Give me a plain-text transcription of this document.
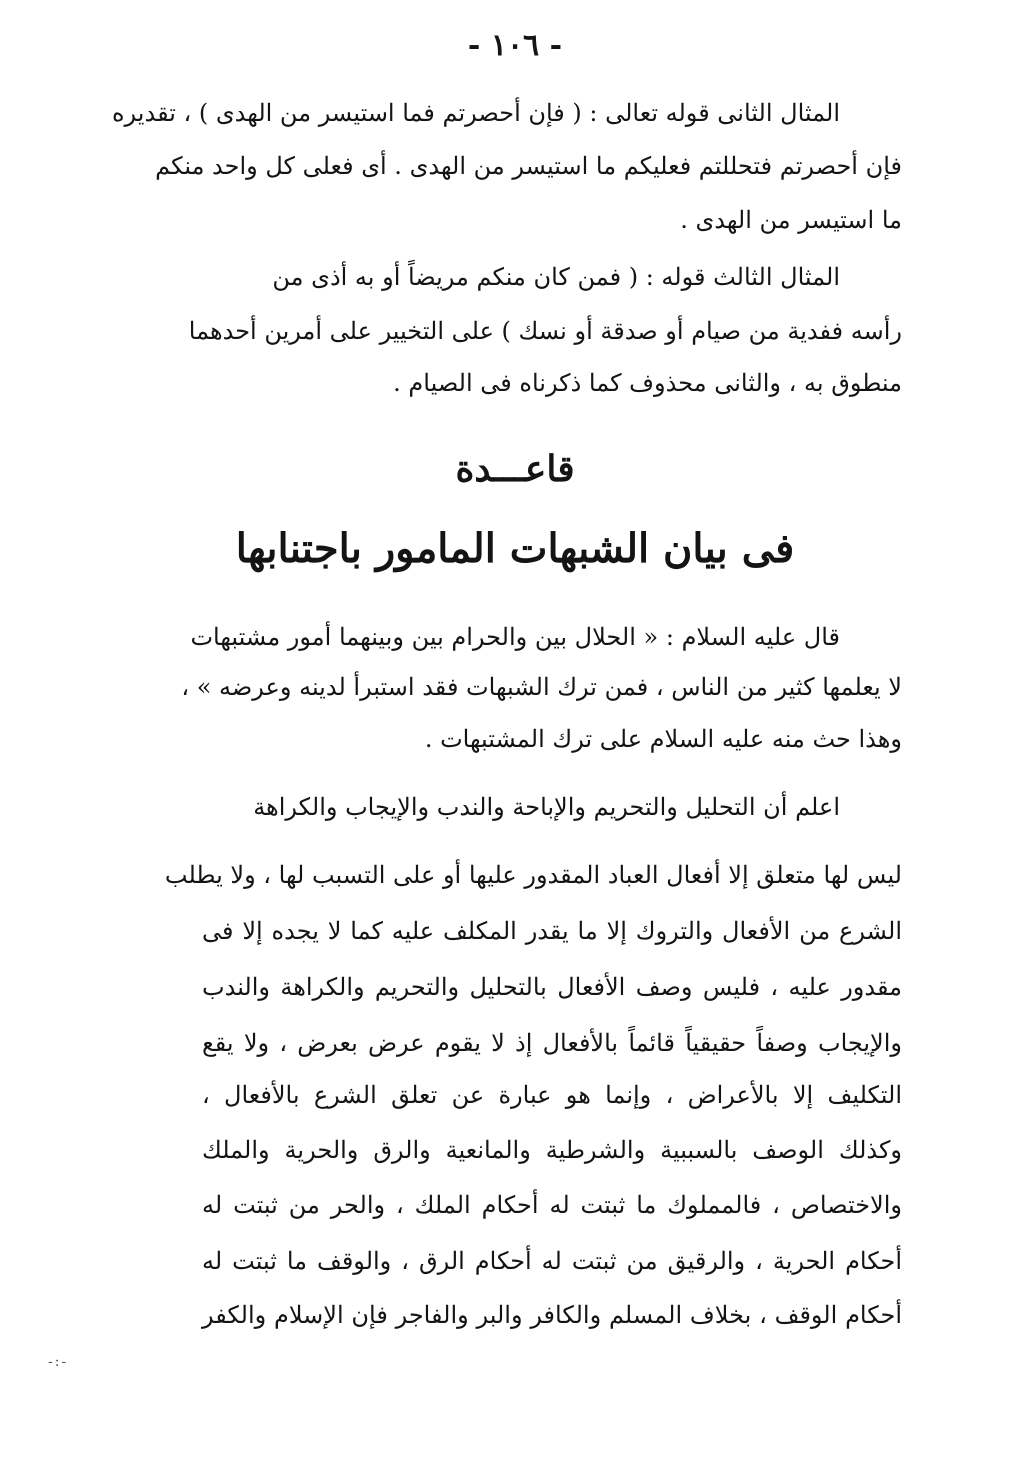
- ١٠٦ -
المثال الثانى قوله تعالى : ( فإن أحصرتم فما استيسر من الهدى ) ، تقديره
فإن أحصرتم فتحللتم فعليكم ما استيسر من الهدى . أى فعلى كل واحد منكم
ما استيسر من الهدى .
المثال الثالث قوله : ( فمن كان منكم مريضاً أو به أذى من
رأسه ففدية من صيام أو صدقة أو نسك ) على التخيير على أمرين أحدهما
منطوق به ، والثانى محذوف كما ذكرناه فى الصيام .
قاعـــدة
فى بيان الشبهات المامور باجتنابها
قال عليه السلام : « الحلال بين والحرام بين وبينهما أمور مشتبهات
لا يعلمها كثير من الناس ، فمن ترك الشبهات فقد استبرأ لدينه وعرضه » ،
وهذا حث منه عليه السلام على ترك المشتبهات .
اعلم أن التحليل والتحريم والإباحة والندب والإيجاب والكراهة
ليس لها متعلق إلا أفعال العباد المقدور عليها أو على التسبب لها ، ولا يطلب
الشرع من الأفعال والتروك إلا ما يقدر المكلف عليه كما لا يجده إلا فى
مقدور عليه ، فليس وصف الأفعال بالتحليل والتحريم والكراهة والندب
والإيجاب وصفاً حقيقياً قائماً بالأفعال إذ لا يقوم عرض بعرض ، ولا يقع
التكليف إلا بالأعراض ، وإنما هو عبارة عن تعلق الشرع بالأفعال ،
وكذلك الوصف بالسببية والشرطية والمانعية والرق والحرية والملك
والاختصاص ، فالمملوك ما ثبتت له أحكام الملك ، والحر من ثبتت له
أحكام الحرية ، والرقيق من ثبتت له أحكام الرق ، والوقف ما ثبتت له
أحكام الوقف ، بخلاف المسلم والكافر والبر والفاجر فإن الإسلام والكفر
-:-
